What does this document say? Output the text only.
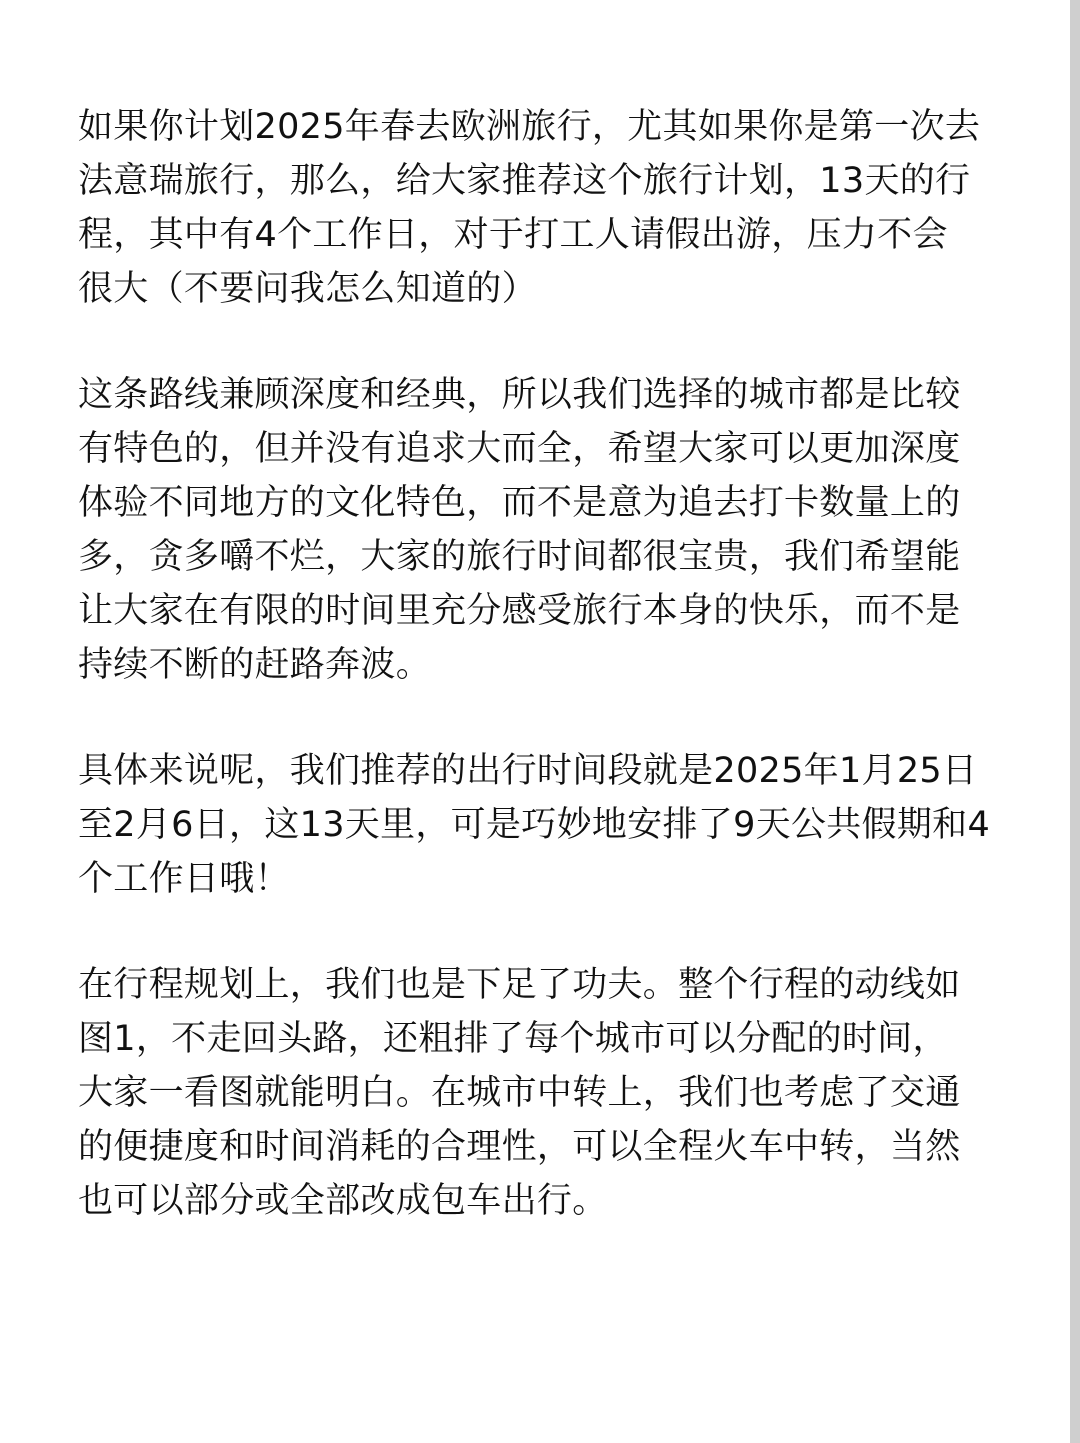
如果你计划2025年春去欧洲旅行，尤其如果你是第一次去
法意瑞旅行，那么，给大家推荐这个旅行计划，13天的行
程，其中有4个工作日，对于打工人请假出游，压力不会
很大（不要问我怎么知道的）

这条路线兼顾深度和经典，所以我们选择的城市都是比较
有特色的，但并没有追求大而全，希望大家可以更加深度
体验不同地方的文化特色，而不是意为追去打卡数量上的
多，贪多嚼不烂，大家的旅行时间都很宝贵，我们希望能
让大家在有限的时间里充分感受旅行本身的快乐，而不是
持续不断的赶路奔波。

具体来说呢，我们推荐的出行时间段就是2025年1月25日
至2月6日，这13天里，可是巧妙地安排了9天公共假期和4
个工作日哦！

在行程规划上，我们也是下足了功夫。整个行程的动线如
图1，不走回头路，还粗排了每个城市可以分配的时间，
大家一看图就能明白。在城市中转上，我们也考虑了交通
的便捷度和时间消耗的合理性，可以全程火车中转，当然
也可以部分或全部改成包车出行。
